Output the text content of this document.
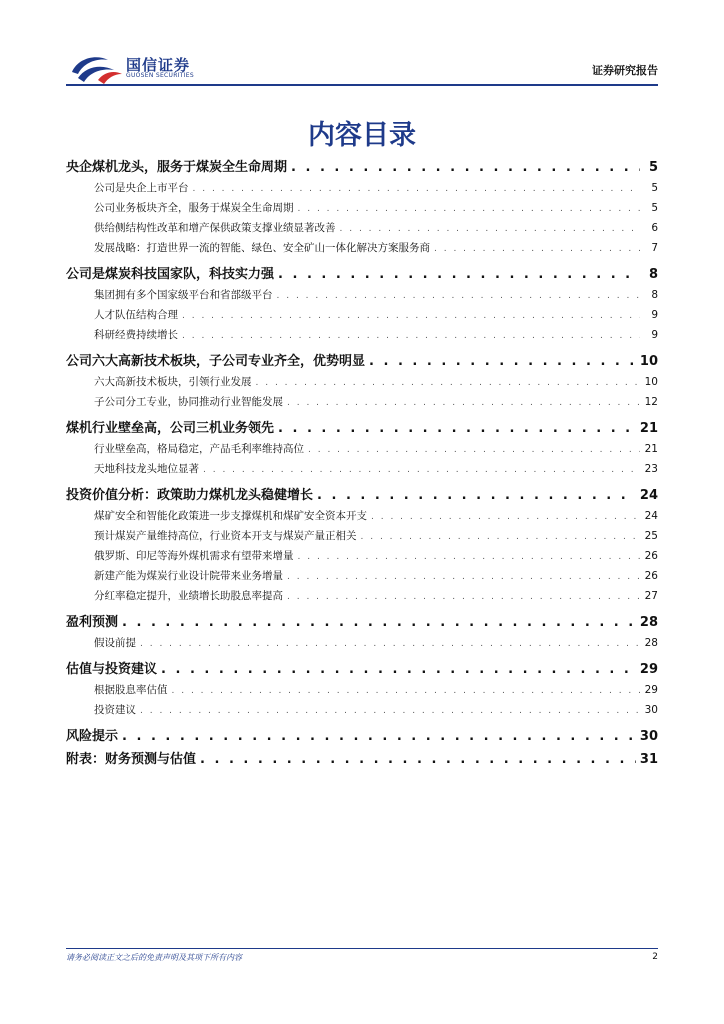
国信证券
GUOSEN SECURITIES	证券研究报告
内容目录
央企煤机龙头，服务于煤炭全生命周期 . . .	5
公司是央企上市平台 . . .	5
公司业务板块齐全，服务于煤炭全生命周期 . . .	5
供给侧结构性改革和增产保供政策支撑业绩显著改善 . . .	6
发展战略：打造世界一流的智能、绿色、安全矿山一体化解决方案服务商 . . .	7
公司是煤炭科技国家队，科技实力强 . . .	8
集团拥有多个国家级平台和省部级平台 . . .	8
人才队伍结构合理 . . .	9
科研经费持续增长 . . .	9
公司六大高新技术板块，子公司专业齐全，优势明显 . . .	10
六大高新技术板块，引领行业发展 . . .	10
子公司分工专业，协同推动行业智能发展 . . .	12
煤机行业壁垒高，公司三机业务领先 . . .	21
行业壁垒高，格局稳定，产品毛利率维持高位 . . .	21
天地科技龙头地位显著 . . .	23
投资价值分析：政策助力煤机龙头稳健增长 . . .	24
煤矿安全和智能化政策进一步支撑煤机和煤矿安全资本开支 . . .	24
预计煤炭产量维持高位，行业资本开支与煤炭产量正相关 . . .	25
俄罗斯、印尼等海外煤机需求有望带来增量 . . .	26
新建产能为煤炭行业设计院带来业务增量 . . .	26
分红率稳定提升，业绩增长助股息率提高 . . .	27
盈利预测 . . .	28
假设前提 . . .	28
估值与投资建议 . . .	29
根据股息率估值 . . .	29
投资建议 . . .	30
风险提示 . . .	30
附表：财务预测与估值 . . .	31
请务必阅读正文之后的免责声明及其项下所有内容	2
